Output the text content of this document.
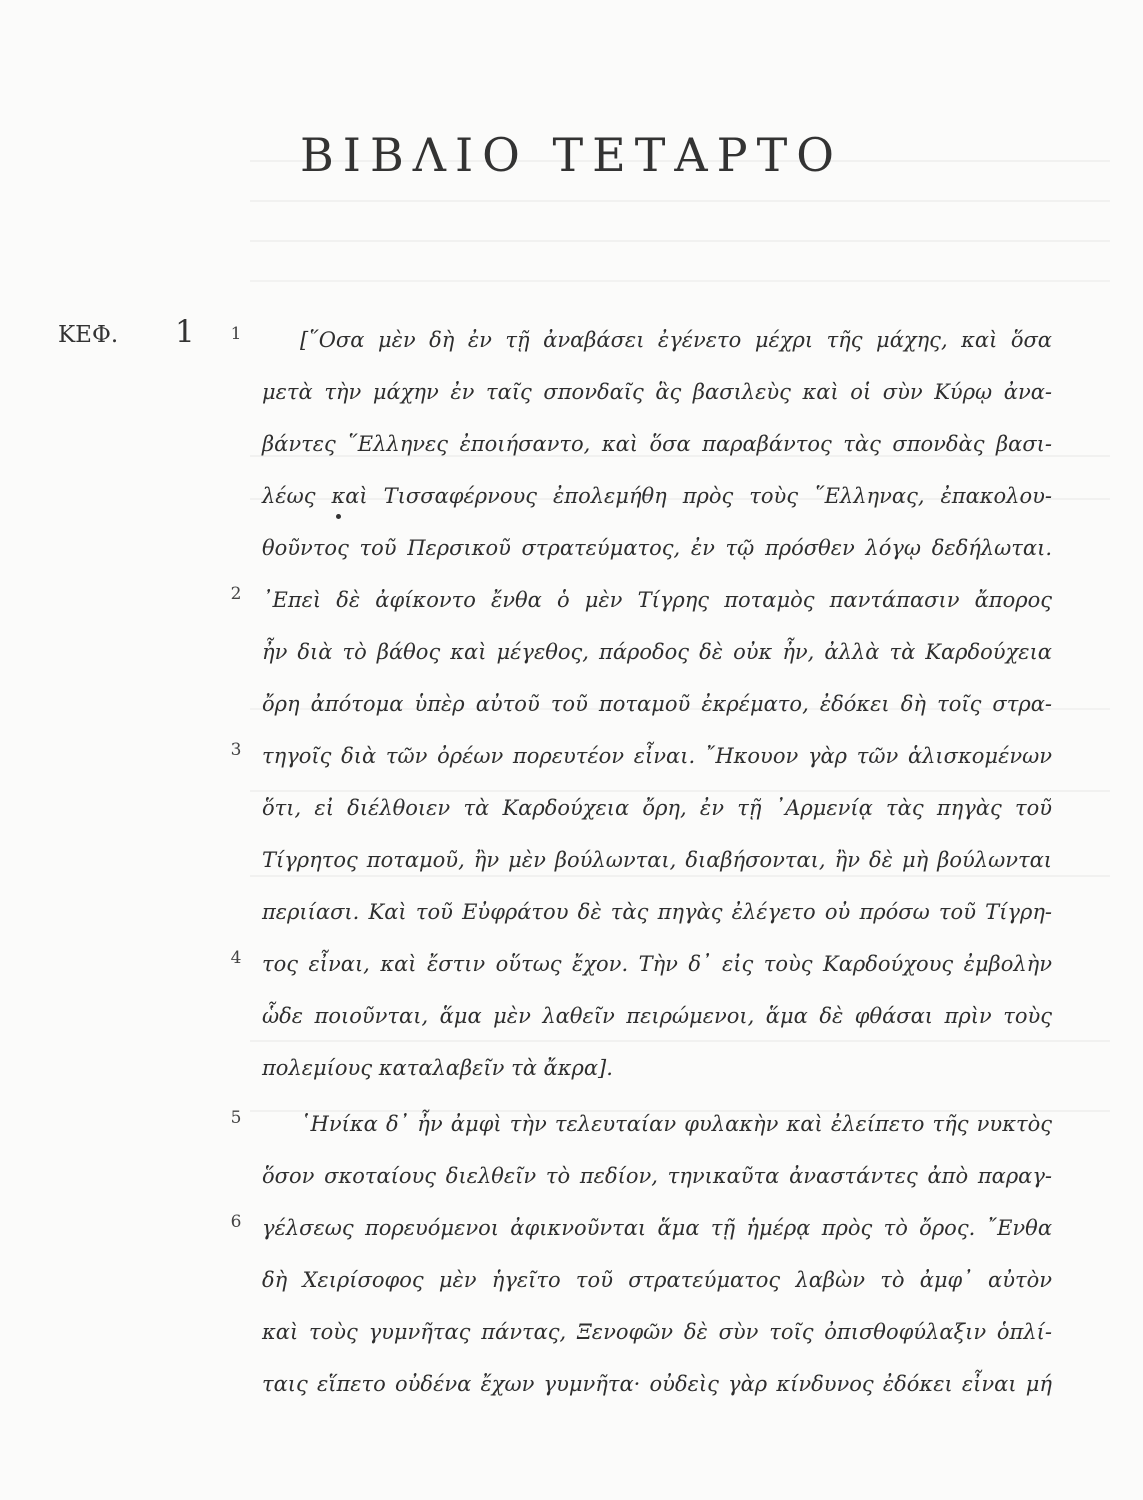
ΒΙΒΛΙΟ ΤΕΤΑΡΤΟ
ΚΕΦ. 1 1
2
3
4
5
6
[῞Οσα μὲν δὴ ἐν τῇ ἀναβάσει ἐγένετο μέχρι τῆς μάχης, καὶ ὅσα
μετὰ τὴν μάχην ἐν ταῖς σπονδαῖς ἃς βασιλεὺς καὶ οἱ σὺν Κύρῳ ἀνα-
βάντες ῞Ελληνες ἐποιήσαντο, καὶ ὅσα παραβάντος τὰς σπονδὰς βασι-
λέως καὶ Τισσαφέρνους ἐπολεμήθη πρὸς τοὺς ῞Ελληνας, ἐπακολου-
θοῦντος τοῦ Περσικοῦ στρατεύματος, ἐν τῷ πρόσθεν λόγῳ δεδήλωται.
᾿Επεὶ δὲ ἀφίκοντο ἔνθα ὁ μὲν Τίγρης ποταμὸς παντάπασιν ἄπορος
ἦν διὰ τὸ βάθος καὶ μέγεθος, πάροδος δὲ οὐκ ἦν, ἀλλὰ τὰ Καρδούχεια
ὄρη ἀπότομα ὑπὲρ αὐτοῦ τοῦ ποταμοῦ ἐκρέματο, ἐδόκει δὴ τοῖς στρα-
τηγοῖς διὰ τῶν ὀρέων πορευτέον εἶναι. ῎Ηκουον γὰρ τῶν ἁλισκομένων
ὅτι, εἰ διέλθοιεν τὰ Καρδούχεια ὄρη, ἐν τῇ ᾿Αρμενίᾳ τὰς πηγὰς τοῦ
Τίγρητος ποταμοῦ, ἢν μὲν βούλωνται, διαβήσονται, ἢν δὲ μὴ βούλωνται
περιίασι. Καὶ τοῦ Εὐφράτου δὲ τὰς πηγὰς ἐλέγετο οὐ πρόσω τοῦ Τίγρη-
τος εἶναι, καὶ ἔστιν οὕτως ἔχον. Τὴν δ᾿ εἰς τοὺς Καρδούχους ἐμβολὴν
ὧδε ποιοῦνται, ἅμα μὲν λαθεῖν πειρώμενοι, ἅμα δὲ φθάσαι πρὶν τοὺς
πολεμίους καταλαβεῖν τὰ ἄκρα].
῾Ηνίκα δ᾿ ἦν ἀμφὶ τὴν τελευταίαν φυλακὴν καὶ ἐλείπετο τῆς νυκτὸς
ὅσον σκοταίους διελθεῖν τὸ πεδίον, τηνικαῦτα ἀναστάντες ἀπὸ παραγ-
γέλσεως πορευόμενοι ἀφικνοῦνται ἅμα τῇ ἡμέρᾳ πρὸς τὸ ὄρος. ῎Ενθα
δὴ Χειρίσοφος μὲν ἡγεῖτο τοῦ στρατεύματος λαβὼν τὸ ἀμφ᾿ αὐτὸν
καὶ τοὺς γυμνῆτας πάντας, Ξενοφῶν δὲ σὺν τοῖς ὀπισθοφύλαξιν ὁπλί-
ταις εἵπετο οὐδένα ἔχων γυμνῆτα· οὐδεὶς γὰρ κίνδυνος ἐδόκει εἶναι μή
